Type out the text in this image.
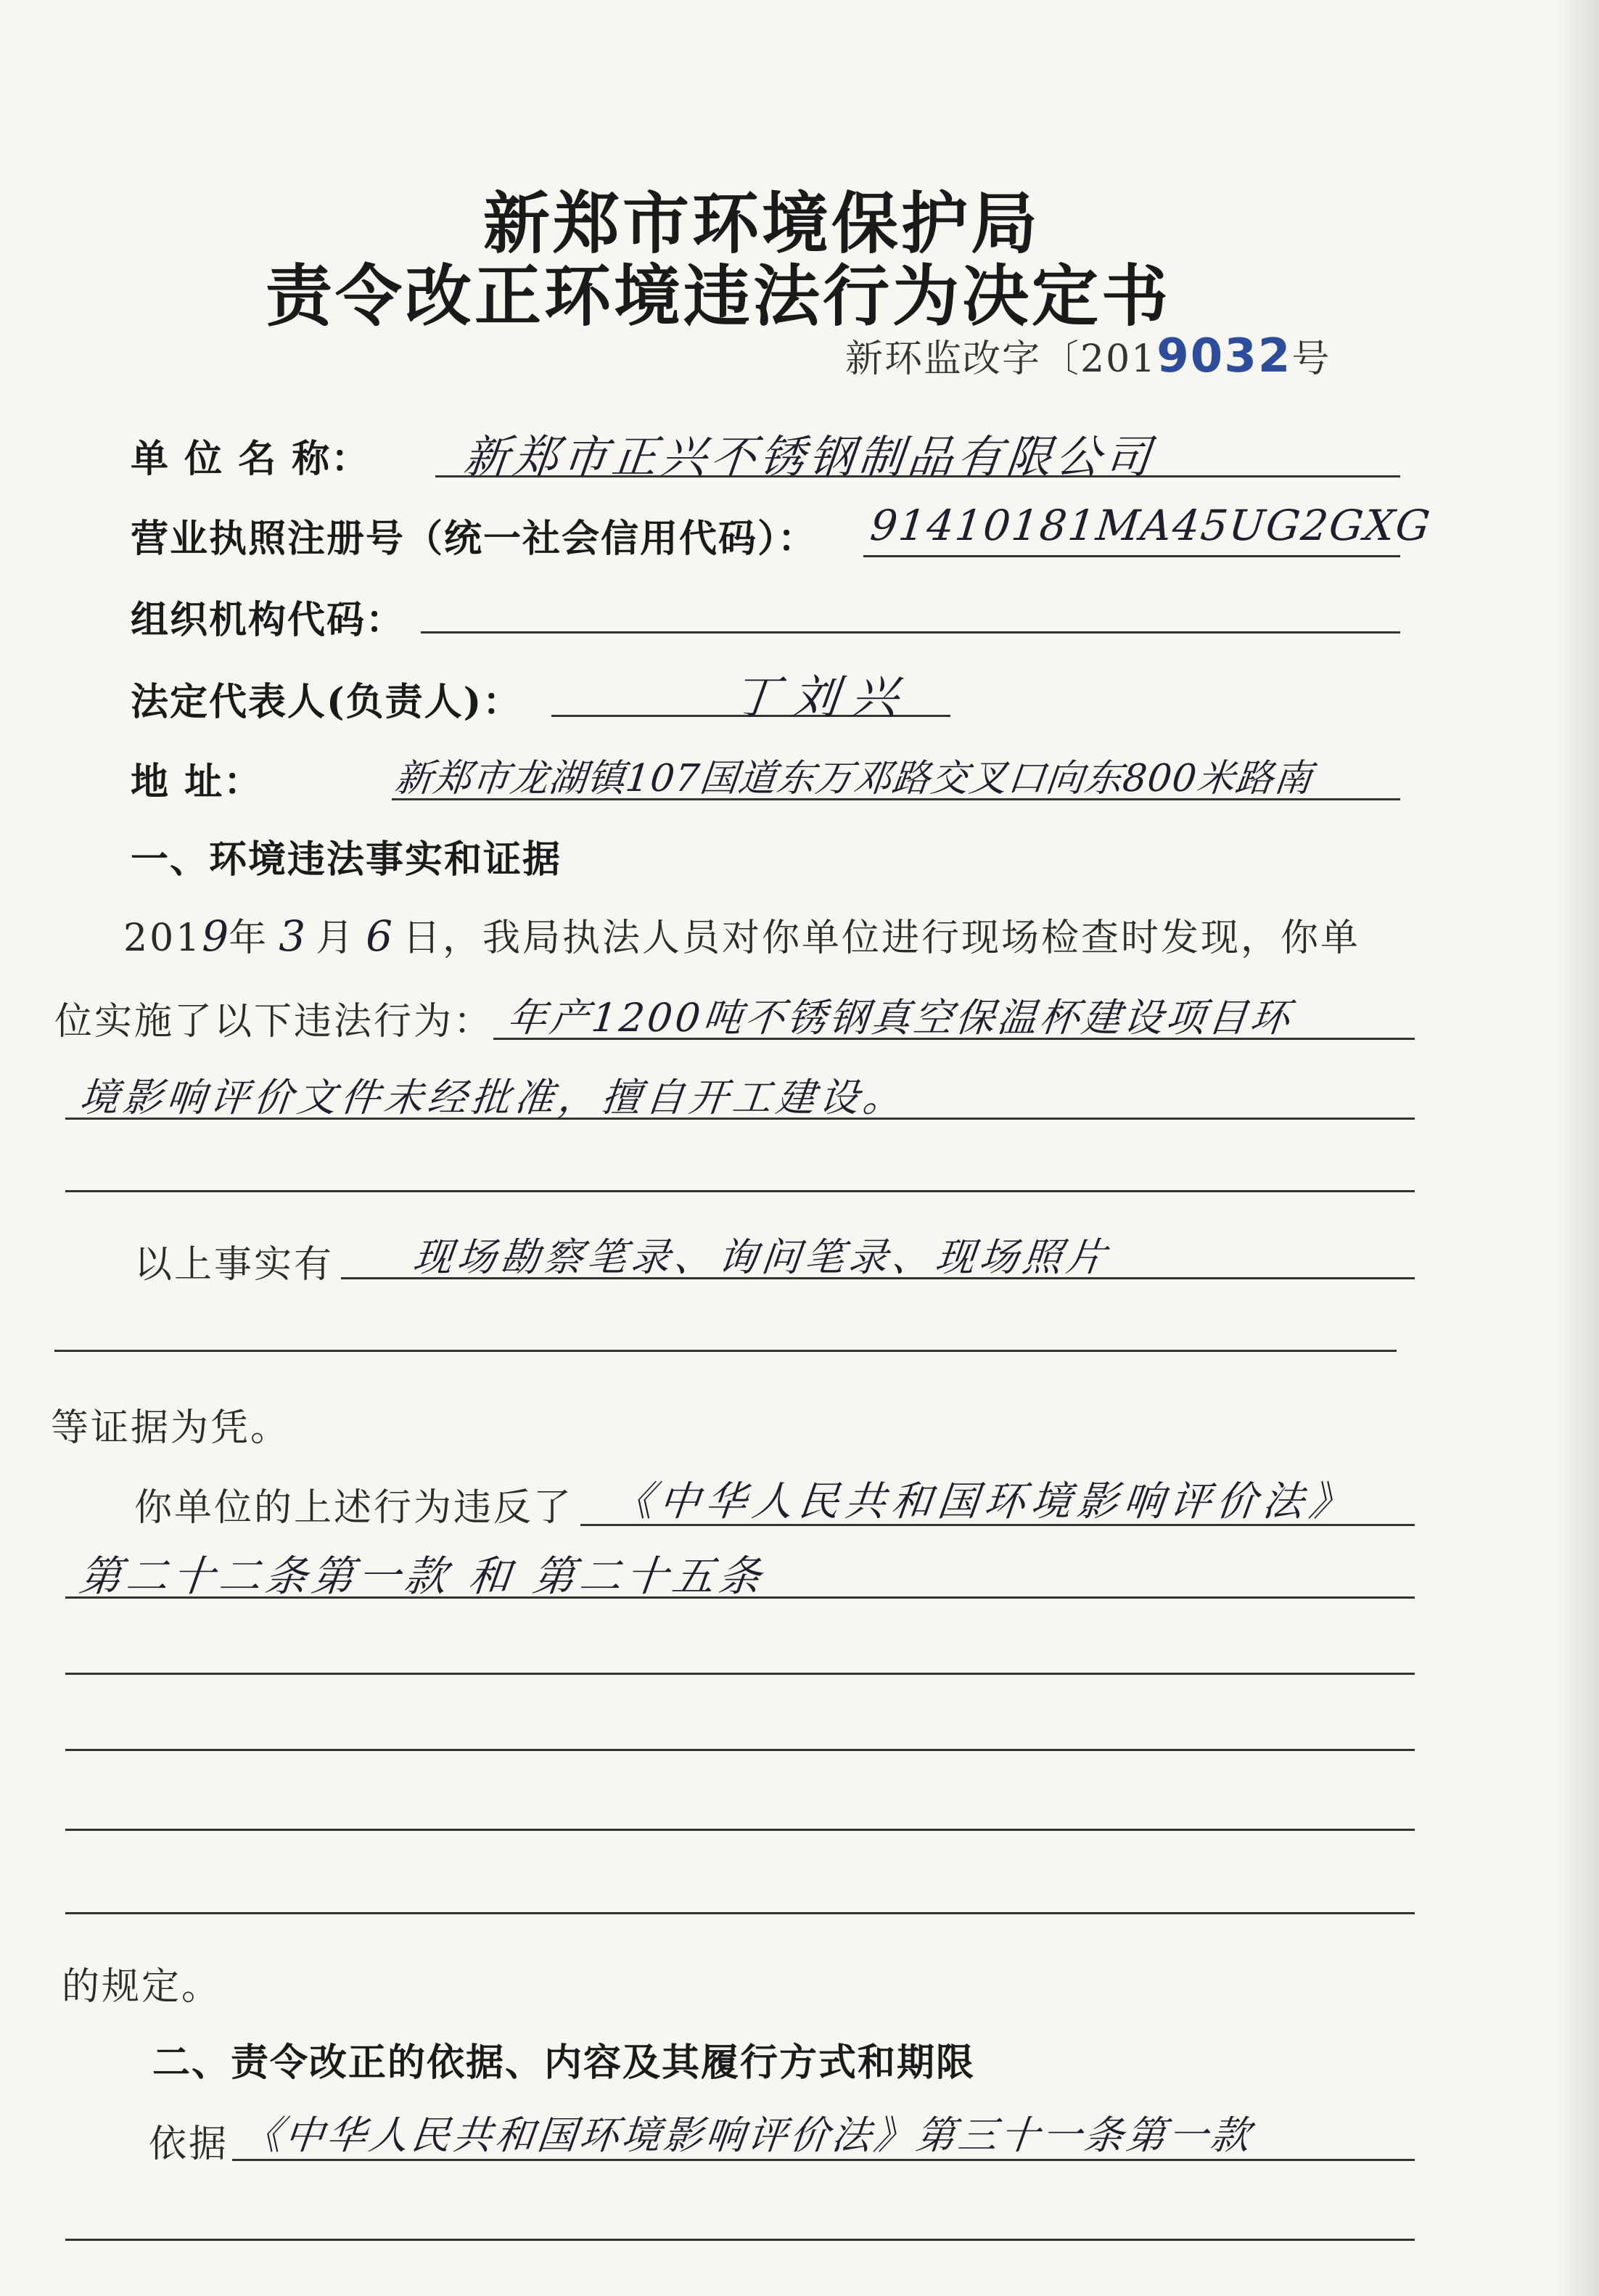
新郑市环境保护局
责令改正环境违法行为决定书
新环监改字〔2019032号
单 位 名 称： 新郑市正兴不锈钢制品有限公司
营业执照注册号（统一社会信用代码）： 91410181MA45UG2GXG
组织机构代码：
法定代表人(负责人)：	丁刘兴
地 址：	新郑市龙湖镇107国道东万邓路交叉口向东800米路南
一、环境违法事实和证据
2019年 3 月 6 日，我局执法人员对你单位进行现场检查时发现，你单
位实施了以下违法行为： 年产1200吨不锈钢真空保温杯建设项目环
境影响评价文件未经批准，擅自开工建设。
以上事实有 现场勘察笔录、询问笔录、现场照片
等证据为凭。
你单位的上述行为违反了 《中华人民共和国环境影响评价法》
第二十二条第一款 和 第二十五条
的规定。
二、责令改正的依据、内容及其履行方式和期限
依据 《中华人民共和国环境影响评价法》第三十一条第一款
